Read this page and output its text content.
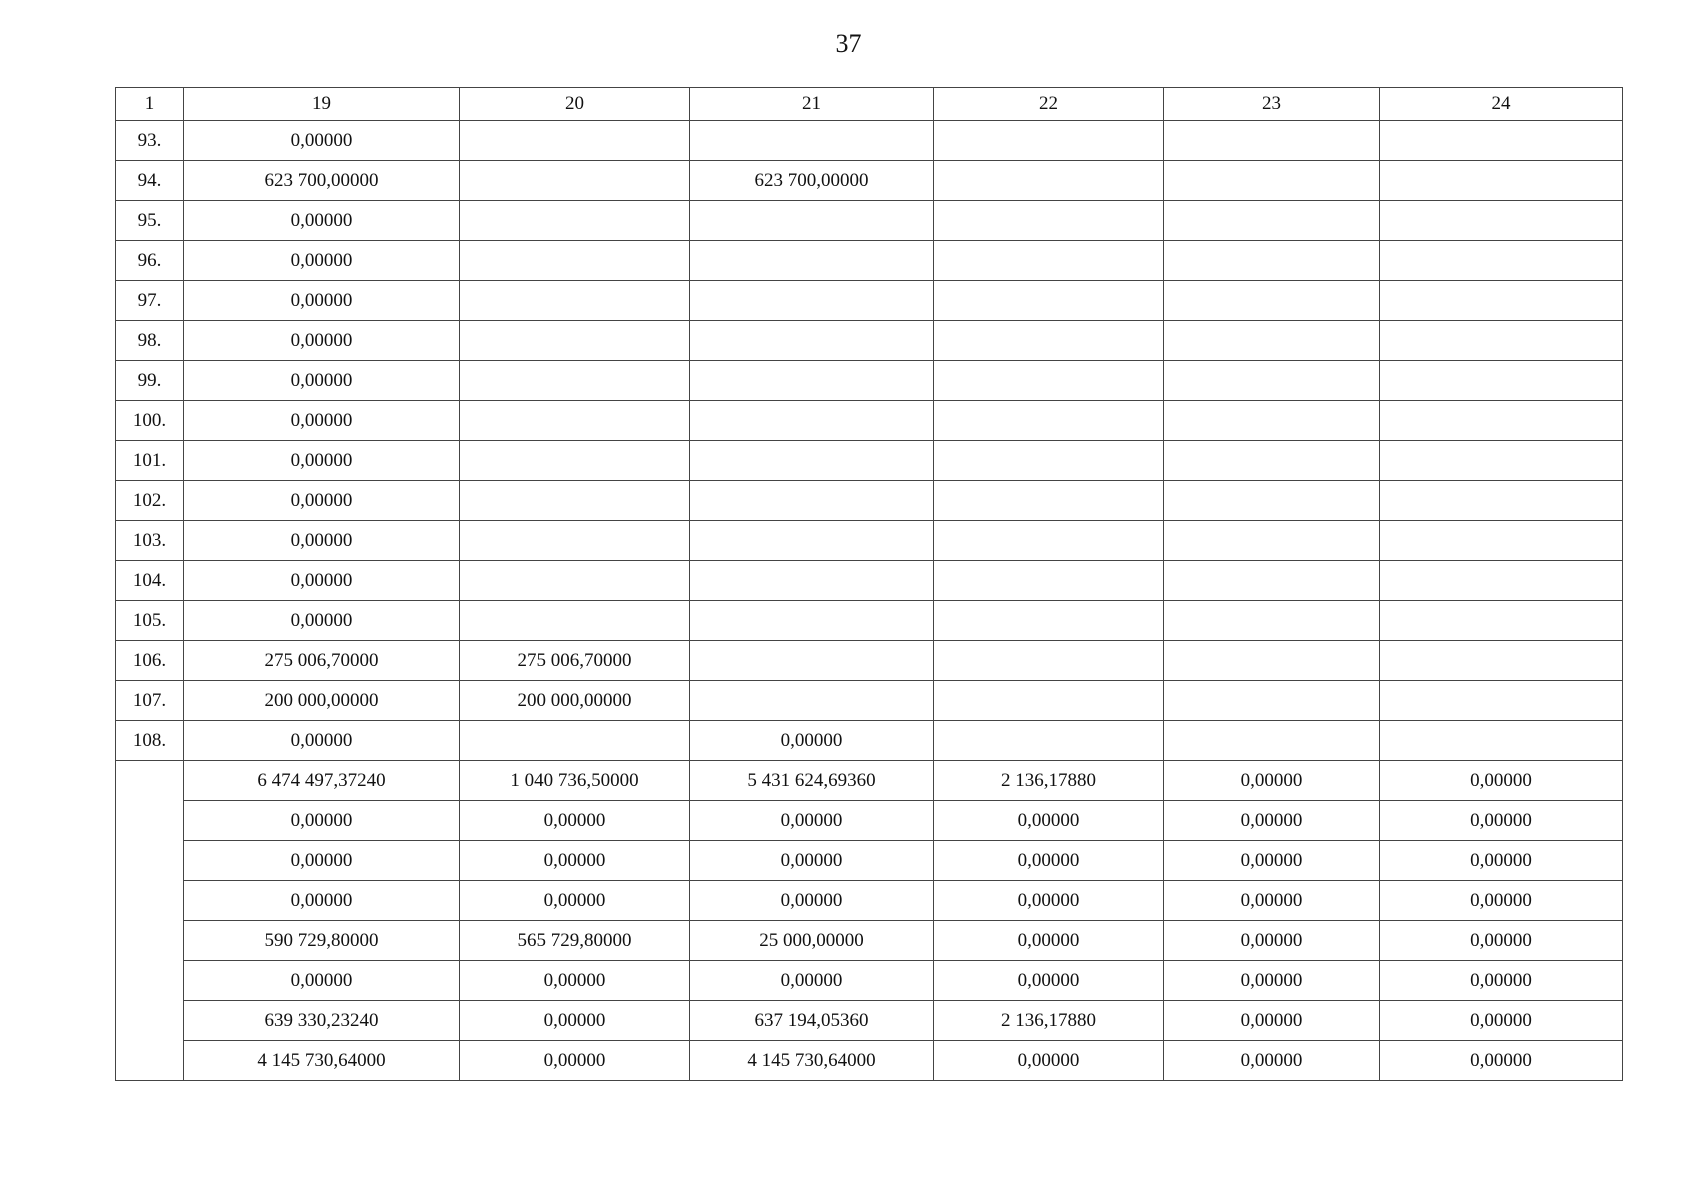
37
1	19	20	21	22	23	24
93.	0,00000					
94.	623 700,00000		623 700,00000			
95.	0,00000					
96.	0,00000					
97.	0,00000					
98.	0,00000					
99.	0,00000					
100.	0,00000					
101.	0,00000					
102.	0,00000					
103.	0,00000					
104.	0,00000					
105.	0,00000					
106.	275 006,70000	275 006,70000				
107.	200 000,00000	200 000,00000				
108.	0,00000		0,00000			
	6 474 497,37240	1 040 736,50000	5 431 624,69360	2 136,17880	0,00000	0,00000
	0,00000	0,00000	0,00000	0,00000	0,00000	0,00000
	0,00000	0,00000	0,00000	0,00000	0,00000	0,00000
	0,00000	0,00000	0,00000	0,00000	0,00000	0,00000
	590 729,80000	565 729,80000	25 000,00000	0,00000	0,00000	0,00000
	0,00000	0,00000	0,00000	0,00000	0,00000	0,00000
	639 330,23240	0,00000	637 194,05360	2 136,17880	0,00000	0,00000
	4 145 730,64000	0,00000	4 145 730,64000	0,00000	0,00000	0,00000
